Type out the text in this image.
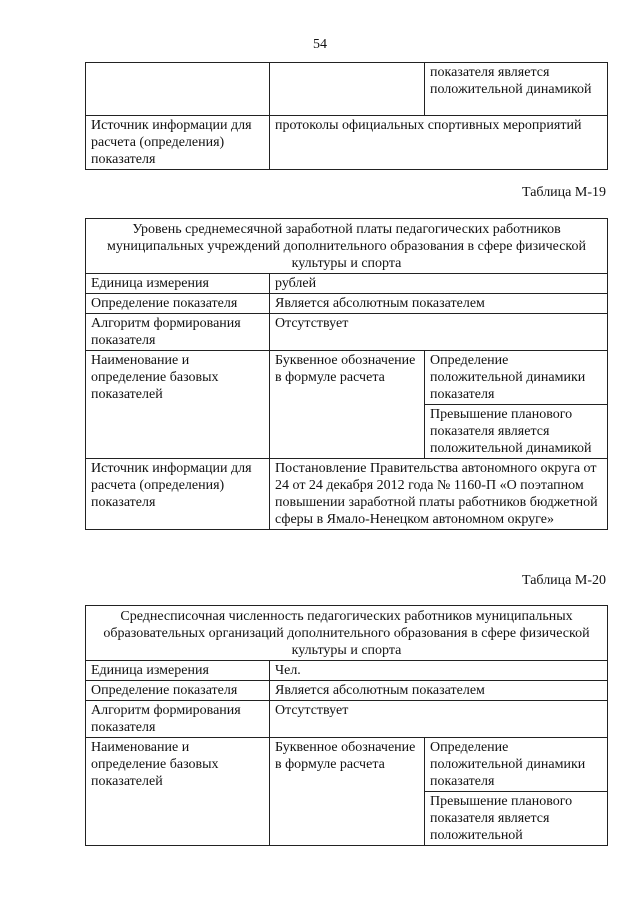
54
		показателя является положительной динамикой
Источник информации для расчета (определения) показателя	протоколы официальных спортивных мероприятий	
Таблица М-19
Уровень среднемесячной заработной платы педагогических работников муниципальных учреждений дополнительного образования в сфере физической культуры и спорта		
Единица измерения	рублей	
Определение показателя	Является абсолютным показателем	
Алгоритм формирования показателя	Отсутствует	
Наименование и определение базовых показателей	Буквенное обозначение в формуле расчета	Определение положительной динамики показателя
		Превышение планового показателя является положительной динамикой
Источник информации для расчета (определения) показателя	Постановление Правительства автономного округа от 24 от 24 декабря 2012 года № 1160-П «О поэтапном повышении заработной платы работников бюджетной сферы в Ямало-Ненецком автономном округе»	
Таблица М-20
Среднесписочная численность педагогических работников муниципальных образовательных организаций дополнительного образования в сфере физической культуры и спорта		
Единица измерения	Чел.	
Определение показателя	Является абсолютным показателем	
Алгоритм формирования показателя	Отсутствует	
Наименование и определение базовых показателей	Буквенное обозначение в формуле расчета	Определение положительной динамики показателя
		Превышение планового показателя является положительной
